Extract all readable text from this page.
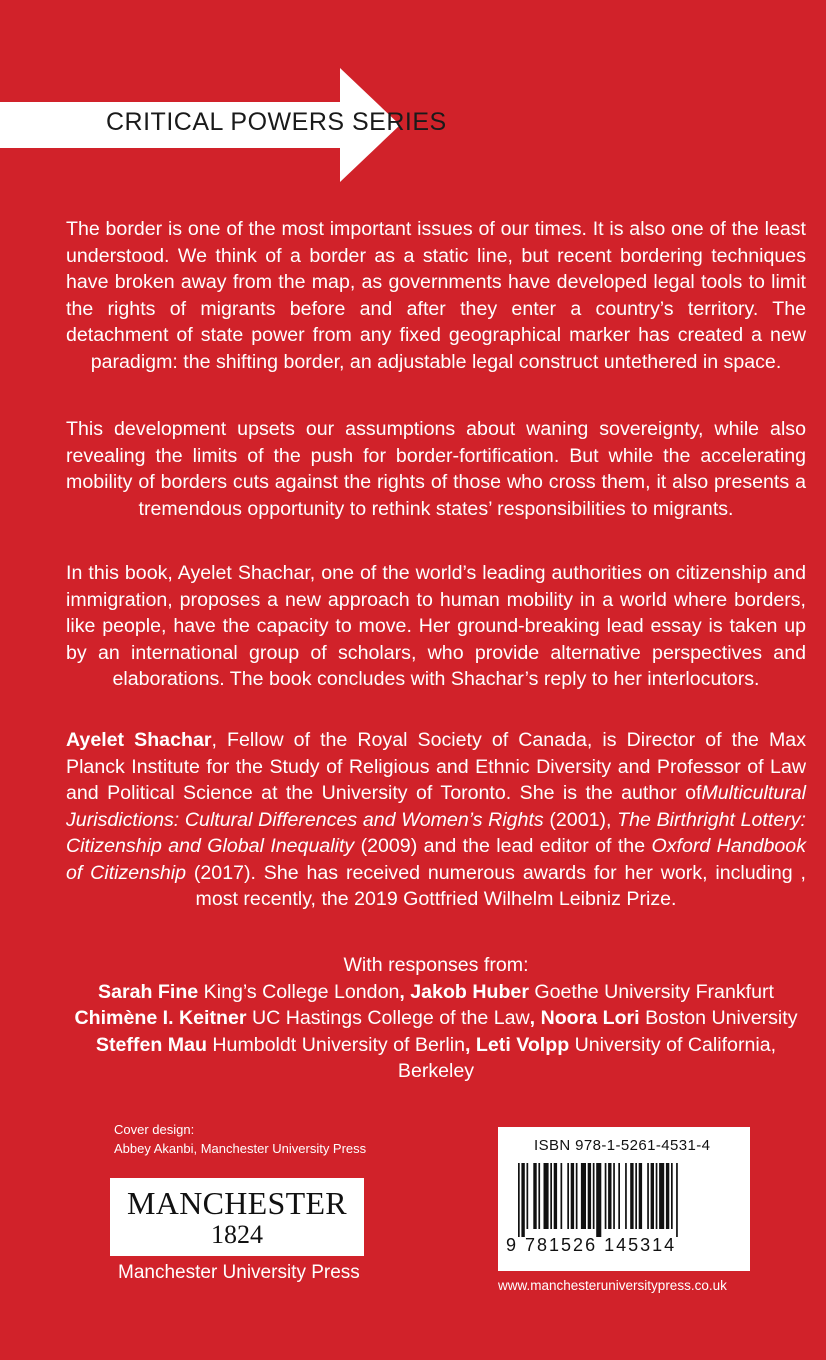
CRITICAL POWERS SERIES

The border is one of the most important issues of our times. It is also one of the least understood. We think of a border as a static line, but recent bordering techniques have broken away from the map, as governments have developed legal tools to limit the rights of migrants before and after they enter a country’s territory. The detachment of state power from any fixed geographical marker has created a new paradigm: the shifting border, an adjustable legal construct untethered in space.

This development upsets our assumptions about waning sovereignty, while also revealing the limits of the push for border-fortification. But while the accelerating mobility of borders cuts against the rights of those who cross them, it also presents a tremendous opportunity to rethink states’ responsibilities to migrants.

In this book, Ayelet Shachar, one of the world’s leading authorities on citizenship and immigration, proposes a new approach to human mobility in a world where borders, like people, have the capacity to move. Her ground-breaking lead essay is taken up by an international group of scholars, who provide alternative perspectives and elaborations. The book concludes with Shachar’s reply to her interlocutors.

Ayelet Shachar, Fellow of the Royal Society of Canada, is Director of the Max Planck Institute for the Study of Religious and Ethnic Diversity and Professor of Law and Political Science at the University of Toronto. She is the author ofMulticultural Jurisdictions: Cultural Differences and Women’s Rights (2001), The Birthright Lottery: Citizenship and Global Inequality (2009) and the lead editor of the Oxford Handbook of Citizenship (2017). She has received numerous awards for her work, including , most recently, the 2019 Gottfried Wilhelm Leibniz Prize.

With responses from:
Sarah Fine King’s College London, Jakob Huber Goethe University Frankfurt
Chimène I. Keitner UC Hastings College of the Law, Noora Lori Boston University
Steffen Mau Humboldt University of Berlin, Leti Volpp University of California, Berkeley
Cover design:
Abbey Akanbi, Manchester University Press
MANCHESTER
1824
Manchester University Press
ISBN 978-1-5261-4531-4
9 781526 145314
www.manchesteruniversitypress.co.uk
